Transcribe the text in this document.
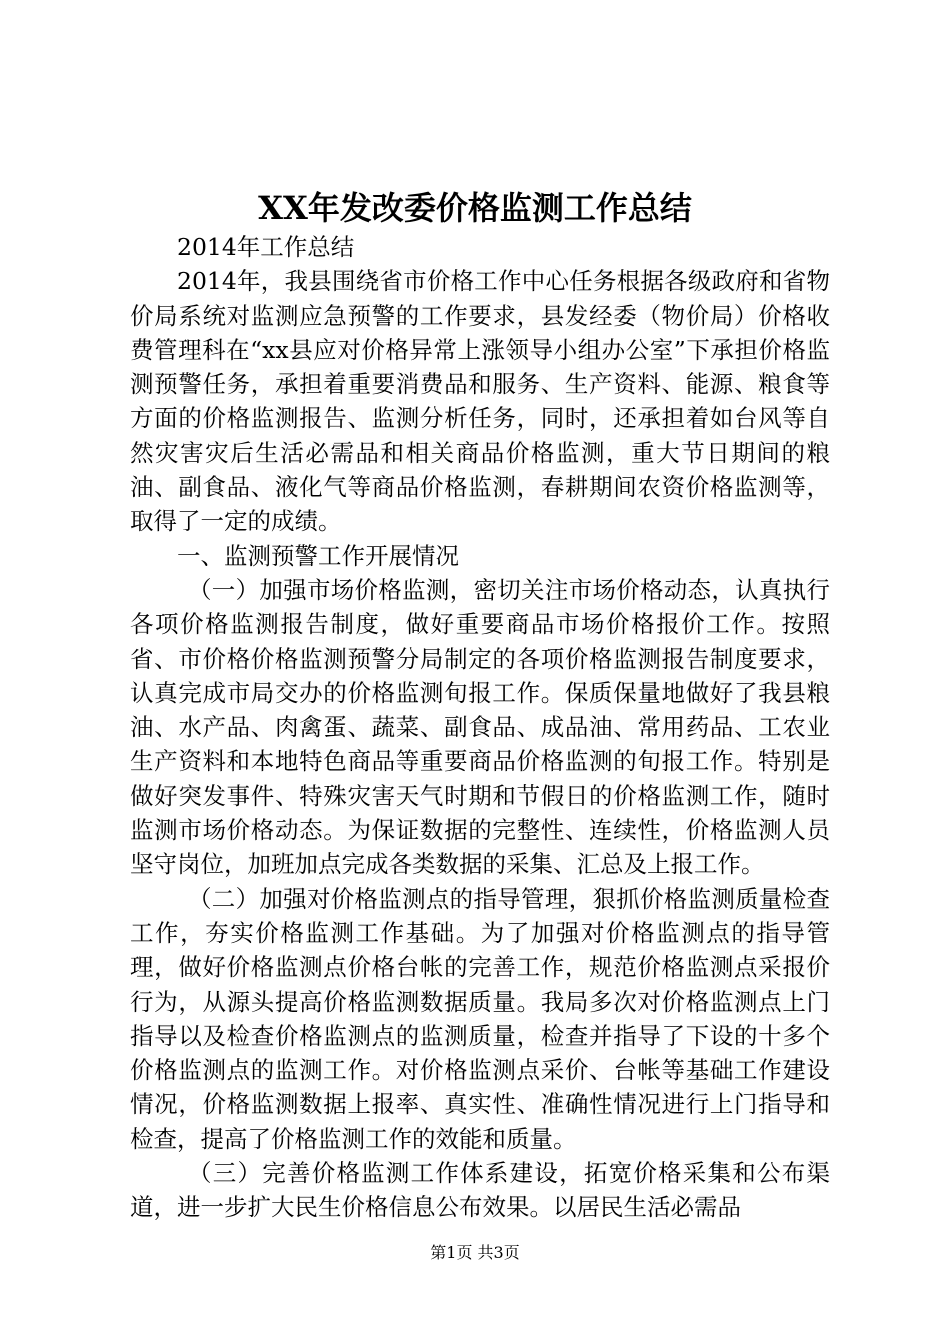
XX年发改委价格监测工作总结

2014年工作总结

2014年，我县围绕省市价格工作中心任务根据各级政府和省物价局系统对监测应急预警的工作要求，县发经委（物价局）价格收费管理科在“xx县应对价格异常上涨领导小组办公室”下承担价格监测预警任务，承担着重要消费品和服务、生产资料、能源、粮食等方面的价格监测报告、监测分析任务，同时，还承担着如台风等自然灾害灾后生活必需品和相关商品价格监测，重大节日期间的粮油、副食品、液化气等商品价格监测，春耕期间农资价格监测等，取得了一定的成绩。

一、监测预警工作开展情况

（一）加强市场价格监测，密切关注市场价格动态，认真执行各项价格监测报告制度，做好重要商品市场价格报价工作。按照省、市价格价格监测预警分局制定的各项价格监测报告制度要求，认真完成市局交办的价格监测旬报工作。保质保量地做好了我县粮油、水产品、肉禽蛋、蔬菜、副食品、成品油、常用药品、工农业生产资料和本地特色商品等重要商品价格监测的旬报工作。特别是做好突发事件、特殊灾害天气时期和节假日的价格监测工作，随时监测市场价格动态。为保证数据的完整性、连续性，价格监测人员坚守岗位，加班加点完成各类数据的采集、汇总及上报工作。

（二）加强对价格监测点的指导管理，狠抓价格监测质量检查工作，夯实价格监测工作基础。为了加强对价格监测点的指导管理，做好价格监测点价格台帐的完善工作，规范价格监测点采报价行为，从源头提高价格监测数据质量。我局多次对价格监测点上门指导以及检查价格监测点的监测质量，检查并指导了下设的十多个价格监测点的监测工作。对价格监测点采价、台帐等基础工作建设情况，价格监测数据上报率、真实性、准确性情况进行上门指导和检查，提高了价格监测工作的效能和质量。

（三）完善价格监测工作体系建设，拓宽价格采集和公布渠道，进一步扩大民生价格信息公布效果。以居民生活必需品

第1页 共3页
